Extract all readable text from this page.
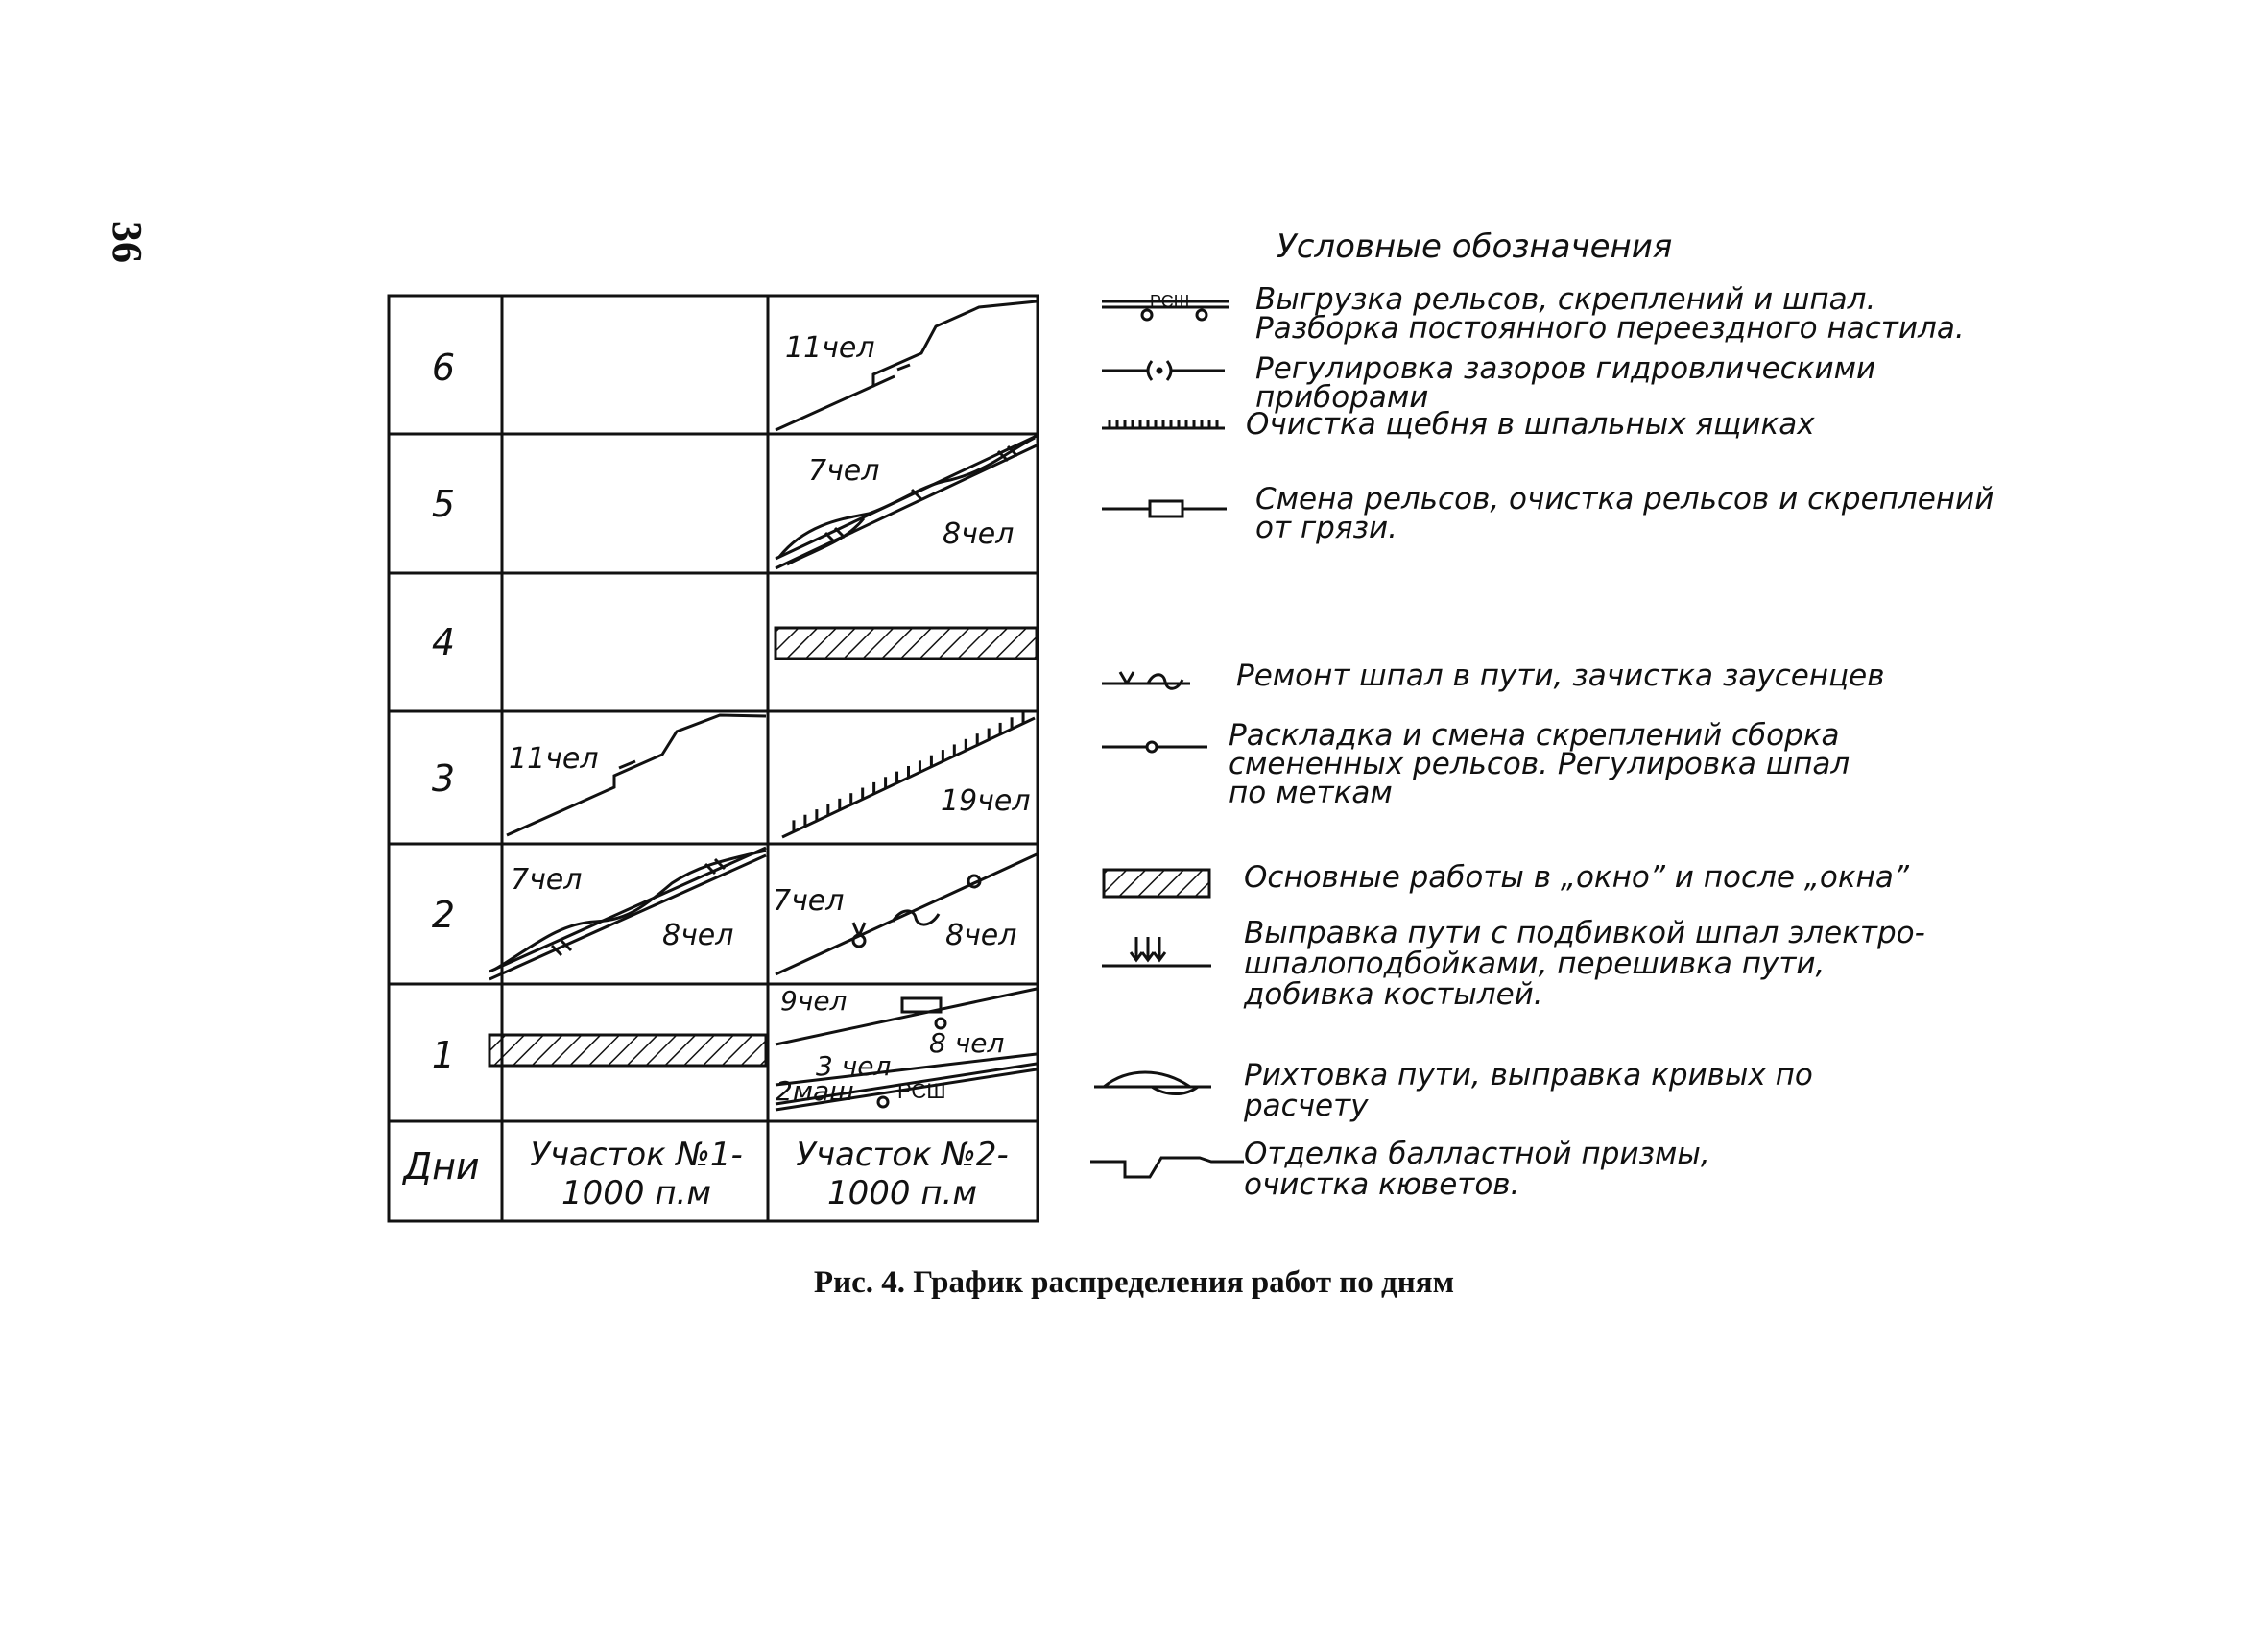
36
6
5
4
3
2
1
Дни Участок №1-
1000 п.м
Участок №2-
1000 п.м
11чел
7чел
8чел
11чел
19чел
7чел
8чел
7чел
8чел
9чел
8 чел
3 чел
2маш РСШ
Условные обозначения
РСШ Выгрузка рельсов, скреплений и шпал.
Разборка постоянного переездного настила.
Регулировка зазоров гидровлическими
приборами
Очистка щебня в шпальных ящиках
Смена рельсов, очистка рельсов и скреплений
от грязи.
Ремонт шпал в пути, зачистка заусенцев
Раскладка и смена скреплений сборка
смененных рельсов. Регулировка шпал
по меткам
Основные работы в „окно” и после „окна”
Выправка пути с подбивкой шпал электро-
шпалоподбойками, перешивка пути,
добивка костылей.
Рихтовка пути, выправка кривых по
расчету
Отделка балластной призмы,
очистка кюветов.
Рис. 4. График распределения работ по дням
